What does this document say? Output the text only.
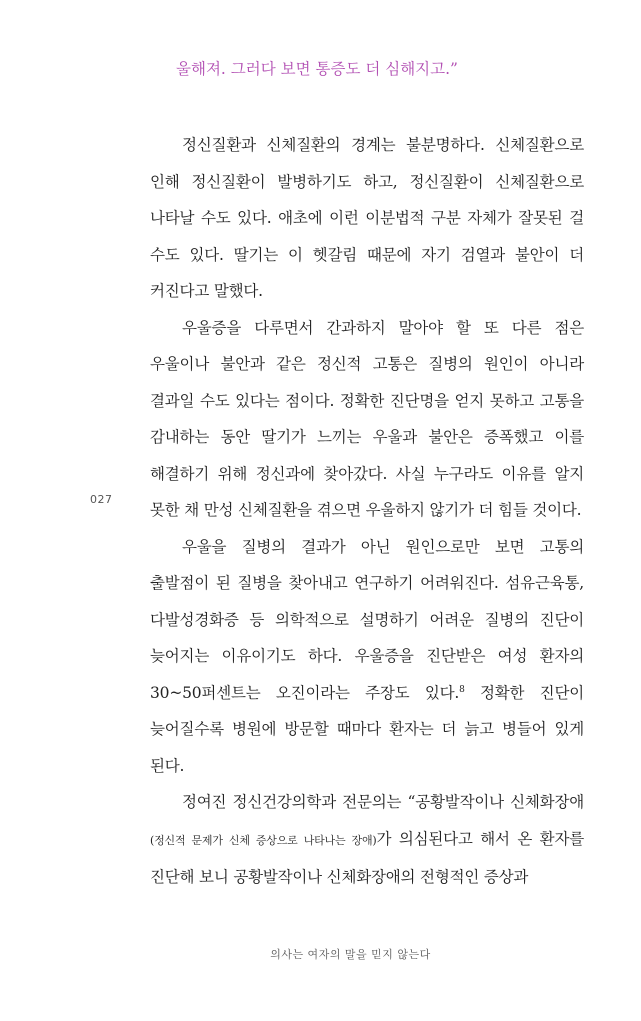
울해져. 그러다 보면 통증도 더 심해지고.”

정신질환과 신체질환의 경계는 불분명하다. 신체질환으로 인해 정신질환이 발병하기도 하고, 정신질환이 신체질환으로 나타날 수도 있다. 애초에 이런 이분법적 구분 자체가 잘못된 걸 수도 있다. 딸기는 이 헷갈림 때문에 자기 검열과 불안이 더 커진다고 말했다.

우울증을 다루면서 간과하지 말아야 할 또 다른 점은 우울이나 불안과 같은 정신적 고통은 질병의 원인이 아니라 결과일 수도 있다는 점이다. 정확한 진단명을 얻지 못하고 고통을 감내하는 동안 딸기가 느끼는 우울과 불안은 증폭했고 이를 해결하기 위해 정신과에 찾아갔다. 사실 누구라도 이유를 알지 못한 채 만성 신체질환을 겪으면 우울하지 않기가 더 힘들 것이다.

우울을 질병의 결과가 아닌 원인으로만 보면 고통의 출발점이 된 질병을 찾아내고 연구하기 어려워진다. 섬유근육통, 다발성경화증 등 의학적으로 설명하기 어려운 질병의 진단이 늦어지는 이유이기도 하다. 우울증을 진단받은 여성 환자의 30~50퍼센트는 오진이라는 주장도 있다.$^8$ 정확한 진단이 늦어질수록 병원에 방문할 때마다 환자는 더 늙고 병들어 있게 된다.

정여진 정신건강의학과 전문의는 “공황발작이나 신체화장애(정신적 문제가 신체 증상으로 나타나는 장애)가 의심된다고 해서 온 환자를 진단해 보니 공황발작이나 신체화장애의 전형적인 증상과

027
의사는 여자의 말을 믿지 않는다
